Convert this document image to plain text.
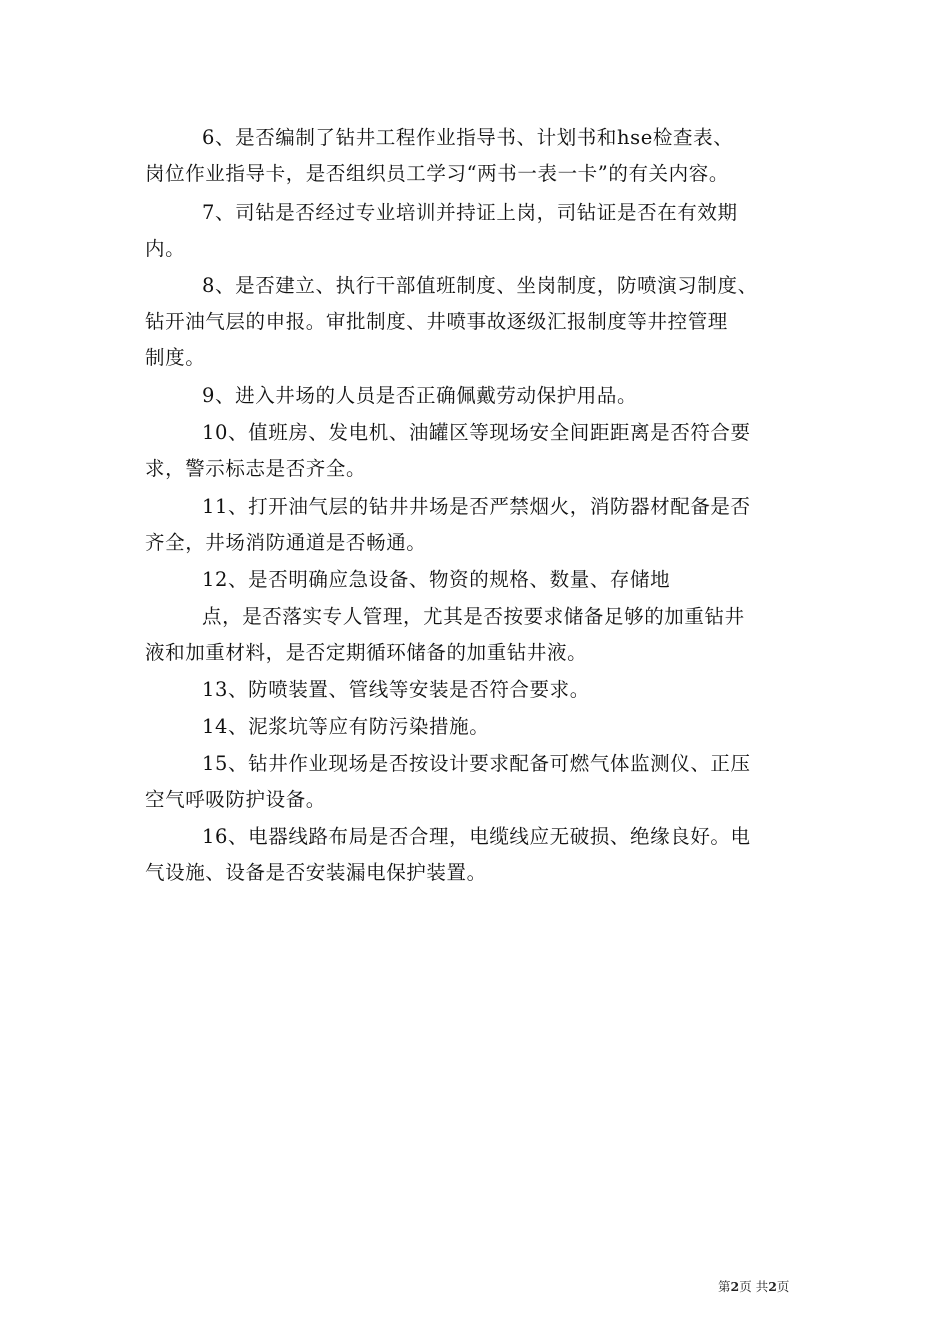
6、是否编制了钻井工程作业指导书、计划书和hse检查表、
岗位作业指导卡，是否组织员工学习“两书一表一卡”的有关内容。
7、司钻是否经过专业培训并持证上岗，司钻证是否在有效期
内。
8、是否建立、执行干部值班制度、坐岗制度，防喷演习制度、
钻开油气层的申报。审批制度、井喷事故逐级汇报制度等井控管理
制度。
9、进入井场的人员是否正确佩戴劳动保护用品。
10、值班房、发电机、油罐区等现场安全间距距离是否符合要
求，警示标志是否齐全。
11、打开油气层的钻井井场是否严禁烟火，消防器材配备是否
齐全，井场消防通道是否畅通。
12、是否明确应急设备、物资的规格、数量、存储地
点，是否落实专人管理，尤其是否按要求储备足够的加重钻井
液和加重材料，是否定期循环储备的加重钻井液。
13、防喷装置、管线等安装是否符合要求。
14、泥浆坑等应有防污染措施。
15、钻井作业现场是否按设计要求配备可燃气体监测仪、正压
空气呼吸防护设备。
16、电器线路布局是否合理，电缆线应无破损、绝缘良好。电
气设施、设备是否安装漏电保护装置。
第2页 共2页
